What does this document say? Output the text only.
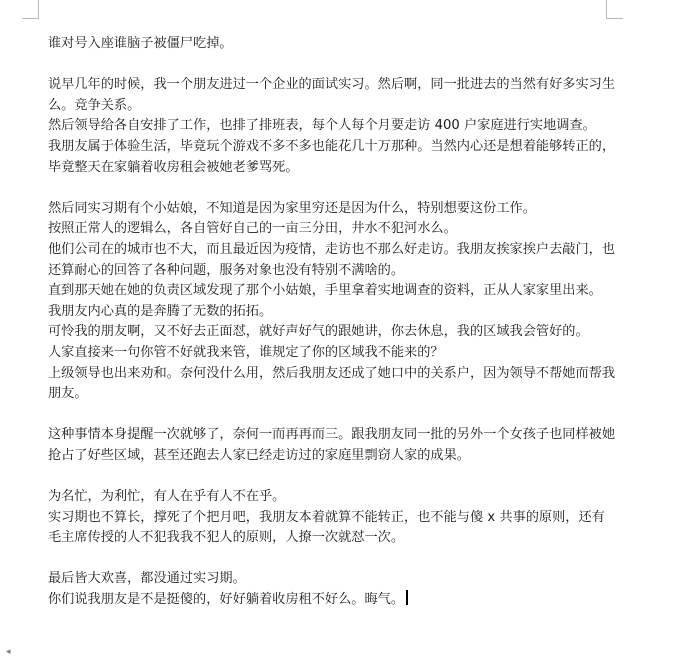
谁对号入座谁脑子被僵尸吃掉。

说早几年的时候，我一个朋友进过一个企业的面试实习。然后啊，同一批进去的当然有好多实习生么。竞争关系。

然后领导给各自安排了工作，也排了排班表，每个人每个月要走访 400 户家庭进行实地调查。

我朋友属于体验生活，毕竟玩个游戏不多不多也能花几十万那种。当然内心还是想着能够转正的，毕竟整天在家躺着收房租会被她老爹骂死。

然后同实习期有个小姑娘，不知道是因为家里穷还是因为什么，特别想要这份工作。

按照正常人的逻辑么，各自管好自己的一亩三分田，井水不犯河水么。

他们公司在的城市也不大，而且最近因为疫情，走访也不那么好走访。我朋友挨家挨户去敲门，也还算耐心的回答了各种问题，服务对象也没有特别不满啥的。

直到那天她在她的负责区域发现了那个小姑娘，手里拿着实地调查的资料，正从人家家里出来。

我朋友内心真的是奔腾了无数的拓拓。

可怜我的朋友啊，又不好去正面怼，就好声好气的跟她讲，你去休息，我的区域我会管好的。

人家直接来一句你管不好就我来管，谁规定了你的区域我不能来的？

上级领导也出来劝和。奈何没什么用，然后我朋友还成了她口中的关系户，因为领导不帮她而帮我朋友。

这种事情本身提醒一次就够了，奈何一而再再而三。跟我朋友同一批的另外一个女孩子也同样被她抢占了好些区域，甚至还跑去人家已经走访过的家庭里剽窃人家的成果。

为名忙，为利忙，有人在乎有人不在乎。

实习期也不算长，撑死了个把月吧，我朋友本着就算不能转正，也不能与傻 x 共事的原则，还有毛主席传授的人不犯我我不犯人的原则，人撩一次就怼一次。

最后皆大欢喜，都没通过实习期。

你们说我朋友是不是挺傻的，好好躺着收房租不好么。晦气。

◂
